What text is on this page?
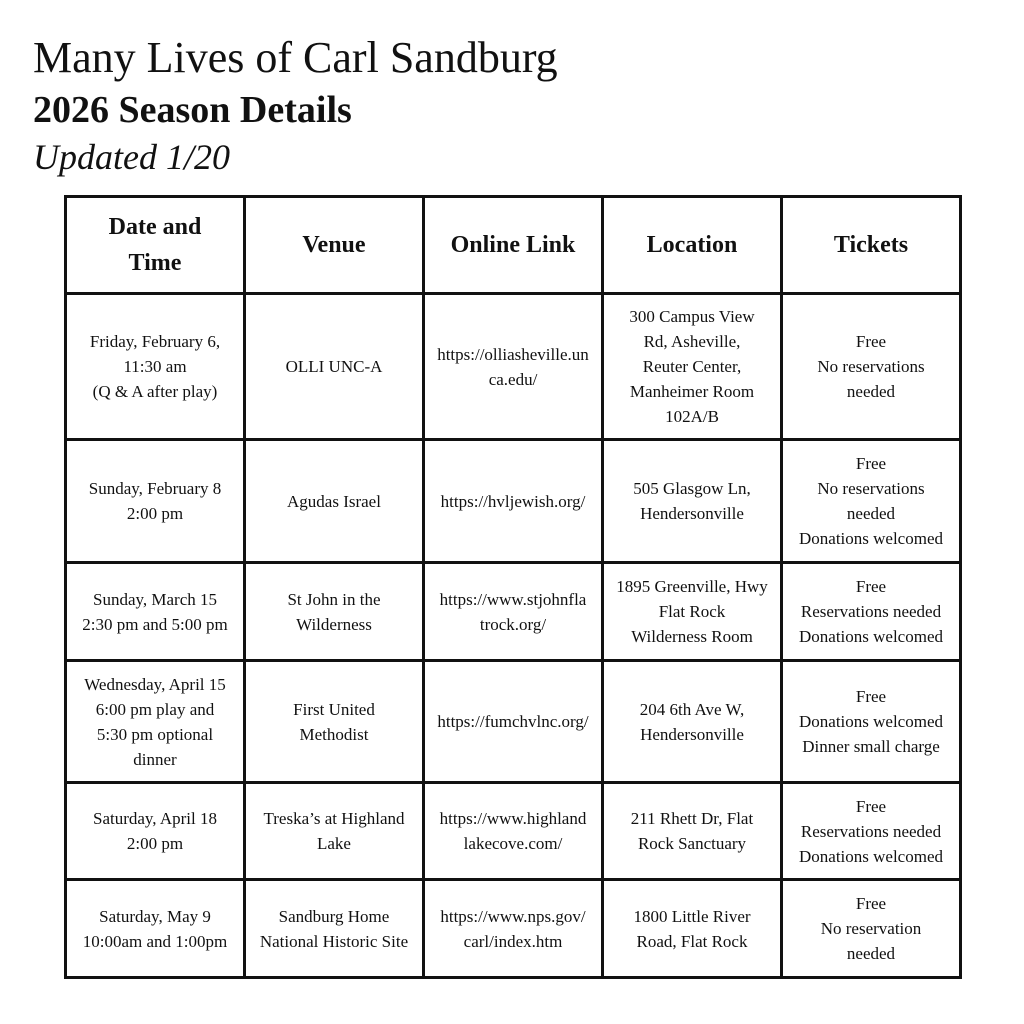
Many Lives of Carl Sandburg
2026 Season Details
Updated 1/20
Date and Time	Venue	Online Link	Location	Tickets

Friday, February 6,
11:30 am
(Q & A after play)	OLLI UNC-A	https://olliasheville.un
ca.edu/	300 Campus View
Rd, Asheville,
Reuter Center,
Manheimer Room
102A/B	Free
No reservations
needed

Sunday, February 8
2:00 pm	Agudas Israel	https://hvljewish.org/	505 Glasgow Ln,
Hendersonville	Free
No reservations
needed
Donations welcomed

Sunday, March 15
2:30 pm and 5:00 pm	St John in the
Wilderness	https://www.stjohnfla
trock.org/	1895 Greenville, Hwy
Flat Rock
Wilderness Room	Free
Reservations needed
Donations welcomed

Wednesday, April 15
6:00 pm play and
5:30 pm optional
dinner	First United
Methodist	https://fumchvlnc.org/	204 6th Ave W,
Hendersonville	Free
Donations welcomed
Dinner small charge

Saturday, April 18
2:00 pm	Treska’s at Highland
Lake	https://www.highland
lakecove.com/	211 Rhett Dr, Flat
Rock Sanctuary	Free
Reservations needed
Donations welcomed

Saturday, May 9
10:00am and 1:00pm	Sandburg Home
National Historic Site	https://www.nps.gov/
carl/index.htm	1800 Little River
Road, Flat Rock	Free
No reservation
needed
